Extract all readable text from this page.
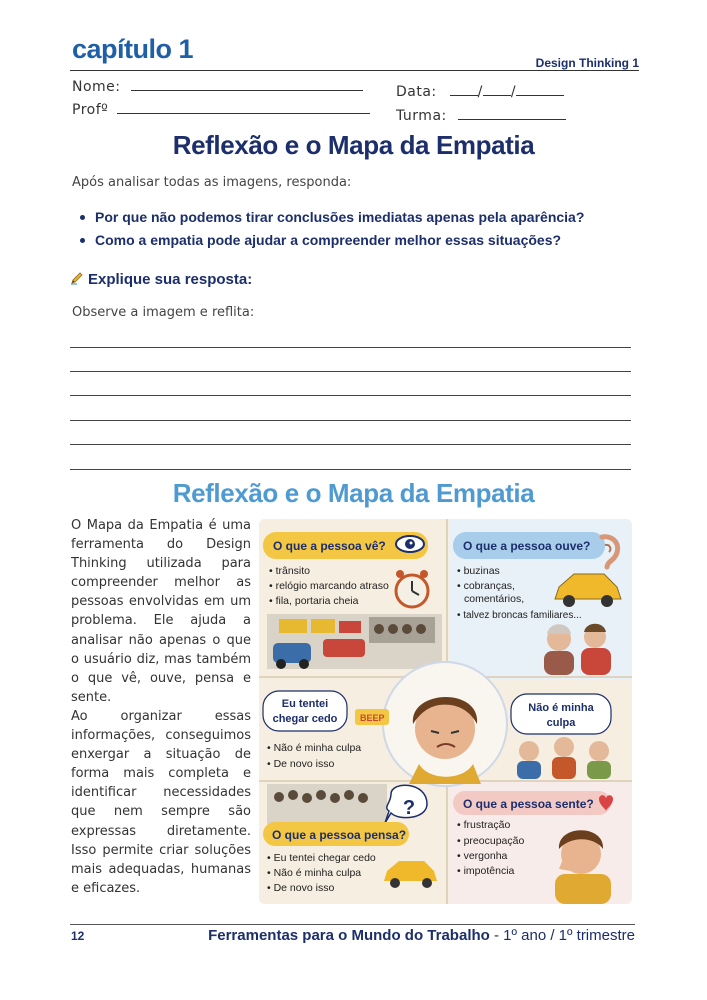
capítulo 1	Design Thinking 1
Nome:
Profº
Data:	/ /
Turma:
Reflexão e o Mapa da Empatia
Após analisar todas as imagens, responda:
Por que não podemos tirar conclusões imediatas apenas pela aparência?
Como a empatia pode ajudar a compreender melhor essas situações?
Explique sua resposta:
Observe a imagem e reflita:
Reflexão e o Mapa da Empatia

O Mapa da Empatia é uma ferramenta do Design Thinking utilizada para compreender melhor as pessoas envolvidas em um problema. Ele ajuda a analisar não apenas o que o usuário diz, mas também o que vê, ouve, pensa e sente.

Ao organizar essas informações, conseguimos enxergar a situação de forma mais completa e identificar necessidades que nem sempre são expressas diretamente. Isso permite criar soluções mais adequadas, humanas e eficazes.

O que a pessoa vê?
• trânsito
• relógio marcando atraso
• fila, portaria cheia
O que a pessoa ouve?
• buzinas
• cobranças,
comentários,
• talvez broncas familiares...
BEEP
Eu tentei
chegar cedo
• Não é minha culpa
• De novo isso
Não é minha
culpa
?
O que a pessoa pensa?
• Eu tentei chegar cedo
• Não é minha culpa
• De novo isso
O que a pessoa sente?
• frustração
• preocupação
• vergonha
• impotência
12	Ferramentas para o Mundo do Trabalho - 1º ano / 1º trimestre
